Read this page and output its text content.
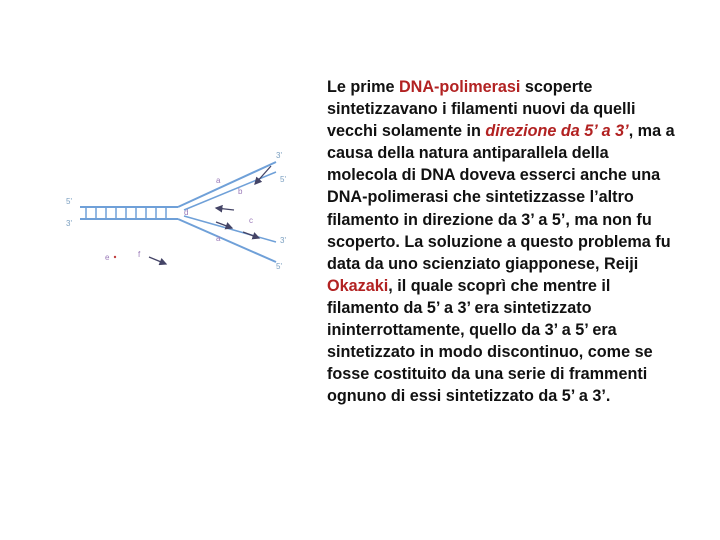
5'
3'
3'
5'
3'
5'
a
a
b
c
d
e	f

Le prime DNA-polimerasi scoperte sintetizzavano i filamenti nuovi da quelli vecchi solamente in direzione da 5’ a 3’, ma a causa della natura antiparallela della molecola di DNA doveva esserci anche una DNA-polimerasi che sintetizzasse l’altro filamento in direzione da 3’ a 5’, ma non fu scoperto. La soluzione a questo problema fu data da uno scienziato giapponese, Reiji Okazaki, il quale scoprì che mentre il filamento da 5’ a 3’ era sintetizzato ininterrottamente, quello da 3’ a 5’ era sintetizzato in modo discontinuo, come se fosse costituito da una serie di frammenti ognuno di essi sintetizzato da 5’ a 3’.
